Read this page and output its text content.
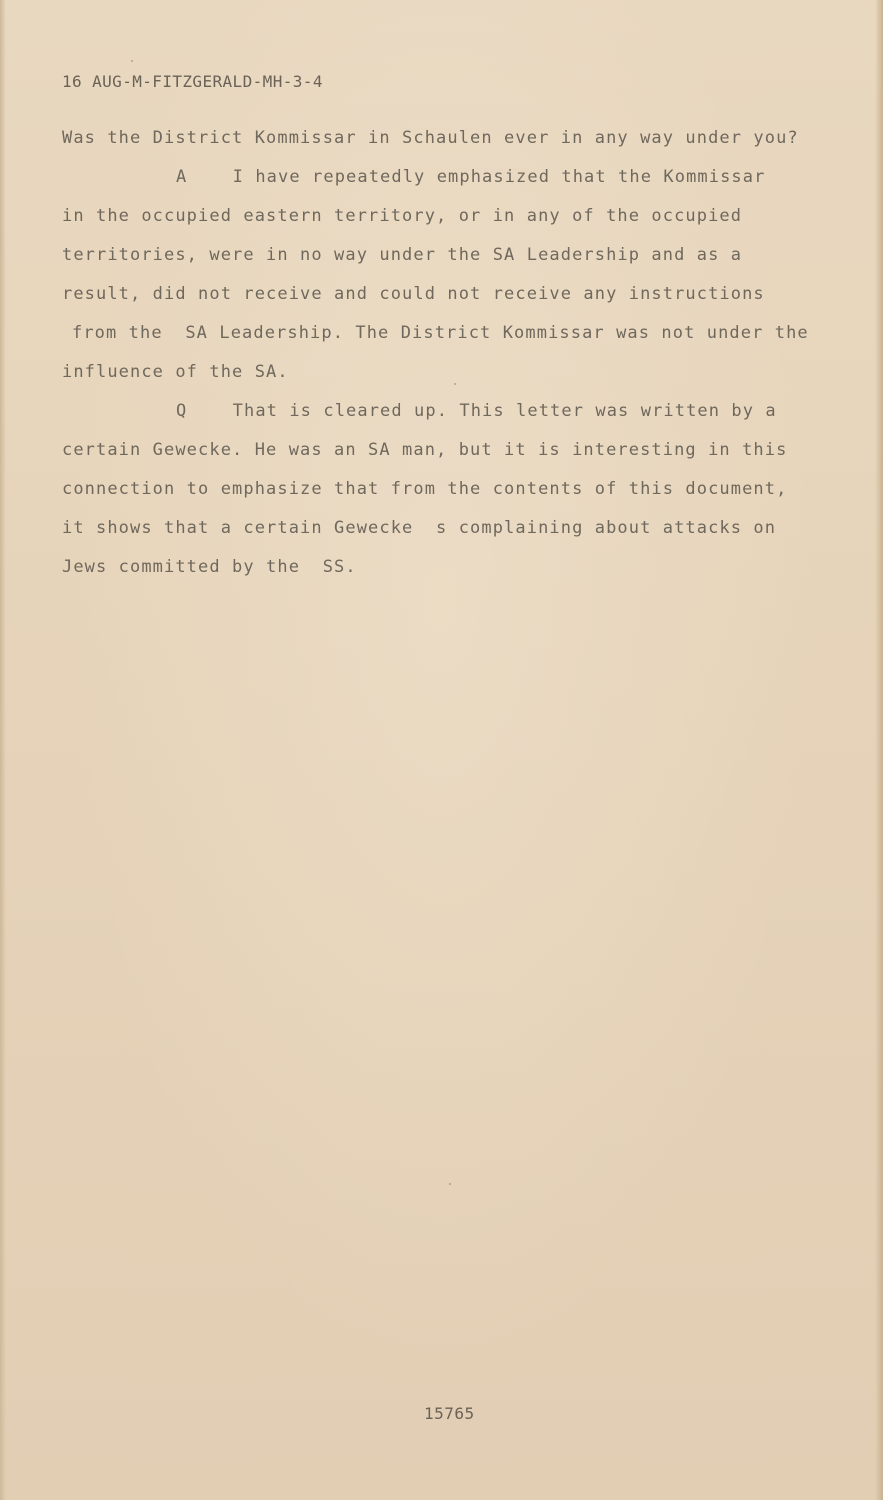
16 AUG-M-FITZGERALD-MH-3-4
Was the District Kommissar in Schaulen ever in any way under you?
A    I have repeatedly emphasized that the Kommissar
in the occupied eastern territory, or in any of the occupied
territories, were in no way under the SA Leadership and as a
result, did not receive and could not receive any instructions
from the  SA Leadership. The District Kommissar was not under the
influence of the SA.
Q    That is cleared up. This letter was written by a
certain Gewecke. He was an SA man, but it is interesting in this
connection to emphasize that from the contents of this document,
it shows that a certain Gewecke  s complaining about attacks on
Jews committed by the  SS.
15765
